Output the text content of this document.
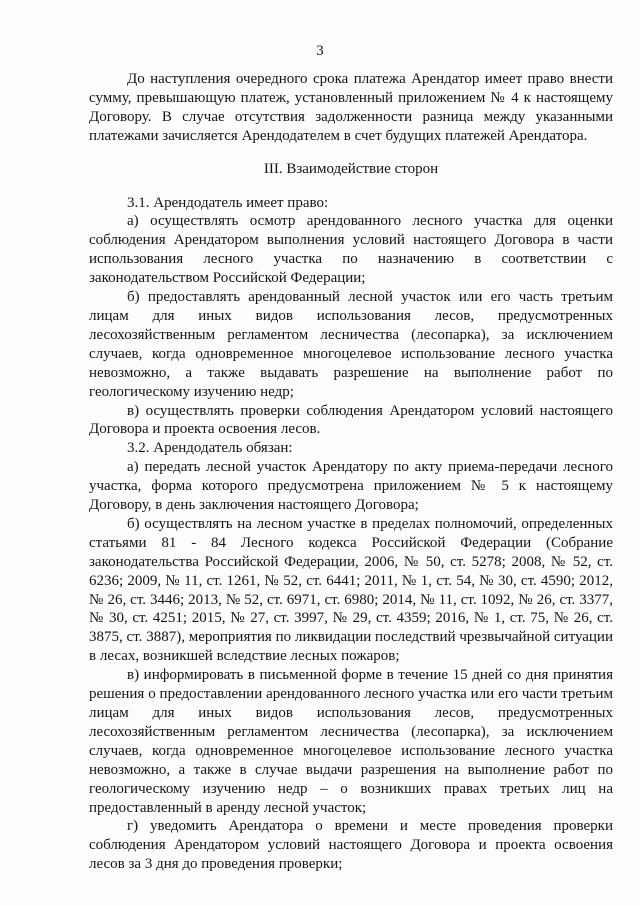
3

До наступления очередного срока платежа Арендатор имеет право внести сумму, превышающую платеж, установленный приложением № 4 к настоящему Договору. В случае отсутствия задолженности разница между указанными платежами зачисляется Арендодателем в счет будущих платежей Арендатора.

III. Взаимодействие сторон

3.1. Арендодатель имеет право:

а) осуществлять осмотр арендованного лесного участка для оценки соблюдения Арендатором выполнения условий настоящего Договора в части использования лесного участка по назначению в соответствии с законодательством Российской Федерации;

б) предоставлять арендованный лесной участок или его часть третьим лицам для иных видов использования лесов, предусмотренных лесохозяйственным регламентом лесничества (лесопарка), за исключением случаев, когда одновременное многоцелевое использование лесного участка невозможно, а также выдавать разрешение на выполнение работ по геологическому изучению недр;

в) осуществлять проверки соблюдения Арендатором условий настоящего Договора и проекта освоения лесов.

3.2. Арендодатель обязан:

а) передать лесной участок Арендатору по акту приема-передачи лесного участка, форма которого предусмотрена приложением № 5 к настоящему Договору, в день заключения настоящего Договора;

б) осуществлять на лесном участке в пределах полномочий, определенных статьями 81 - 84 Лесного кодекса Российской Федерации (Собрание законодательства Российской Федерации, 2006, № 50, ст. 5278; 2008, № 52, ст. 6236; 2009, № 11, ст. 1261, № 52, ст. 6441; 2011, № 1, ст. 54, № 30, ст. 4590; 2012, № 26, ст. 3446; 2013, № 52, ст. 6971, ст. 6980; 2014, № 11, ст. 1092, № 26, ст. 3377, № 30, ст. 4251; 2015, № 27, ст. 3997, № 29, ст. 4359; 2016, № 1, ст. 75, № 26, ст. 3875, ст. 3887), мероприятия по ликвидации последствий чрезвычайной ситуации в лесах, возникшей вследствие лесных пожаров;

в) информировать в письменной форме в течение 15 дней со дня принятия решения о предоставлении арендованного лесного участка или его части третьим лицам для иных видов использования лесов, предусмотренных лесохозяйственным регламентом лесничества (лесопарка), за исключением случаев, когда одновременное многоцелевое использование лесного участка невозможно, а также в случае выдачи разрешения на выполнение работ по геологическому изучению недр – о возникших правах третьих лиц на предоставленный в аренду лесной участок;

г) уведомить Арендатора о времени и месте проведения проверки соблюдения Арендатором условий настоящего Договора и проекта освоения лесов за 3 дня до проведения проверки;
